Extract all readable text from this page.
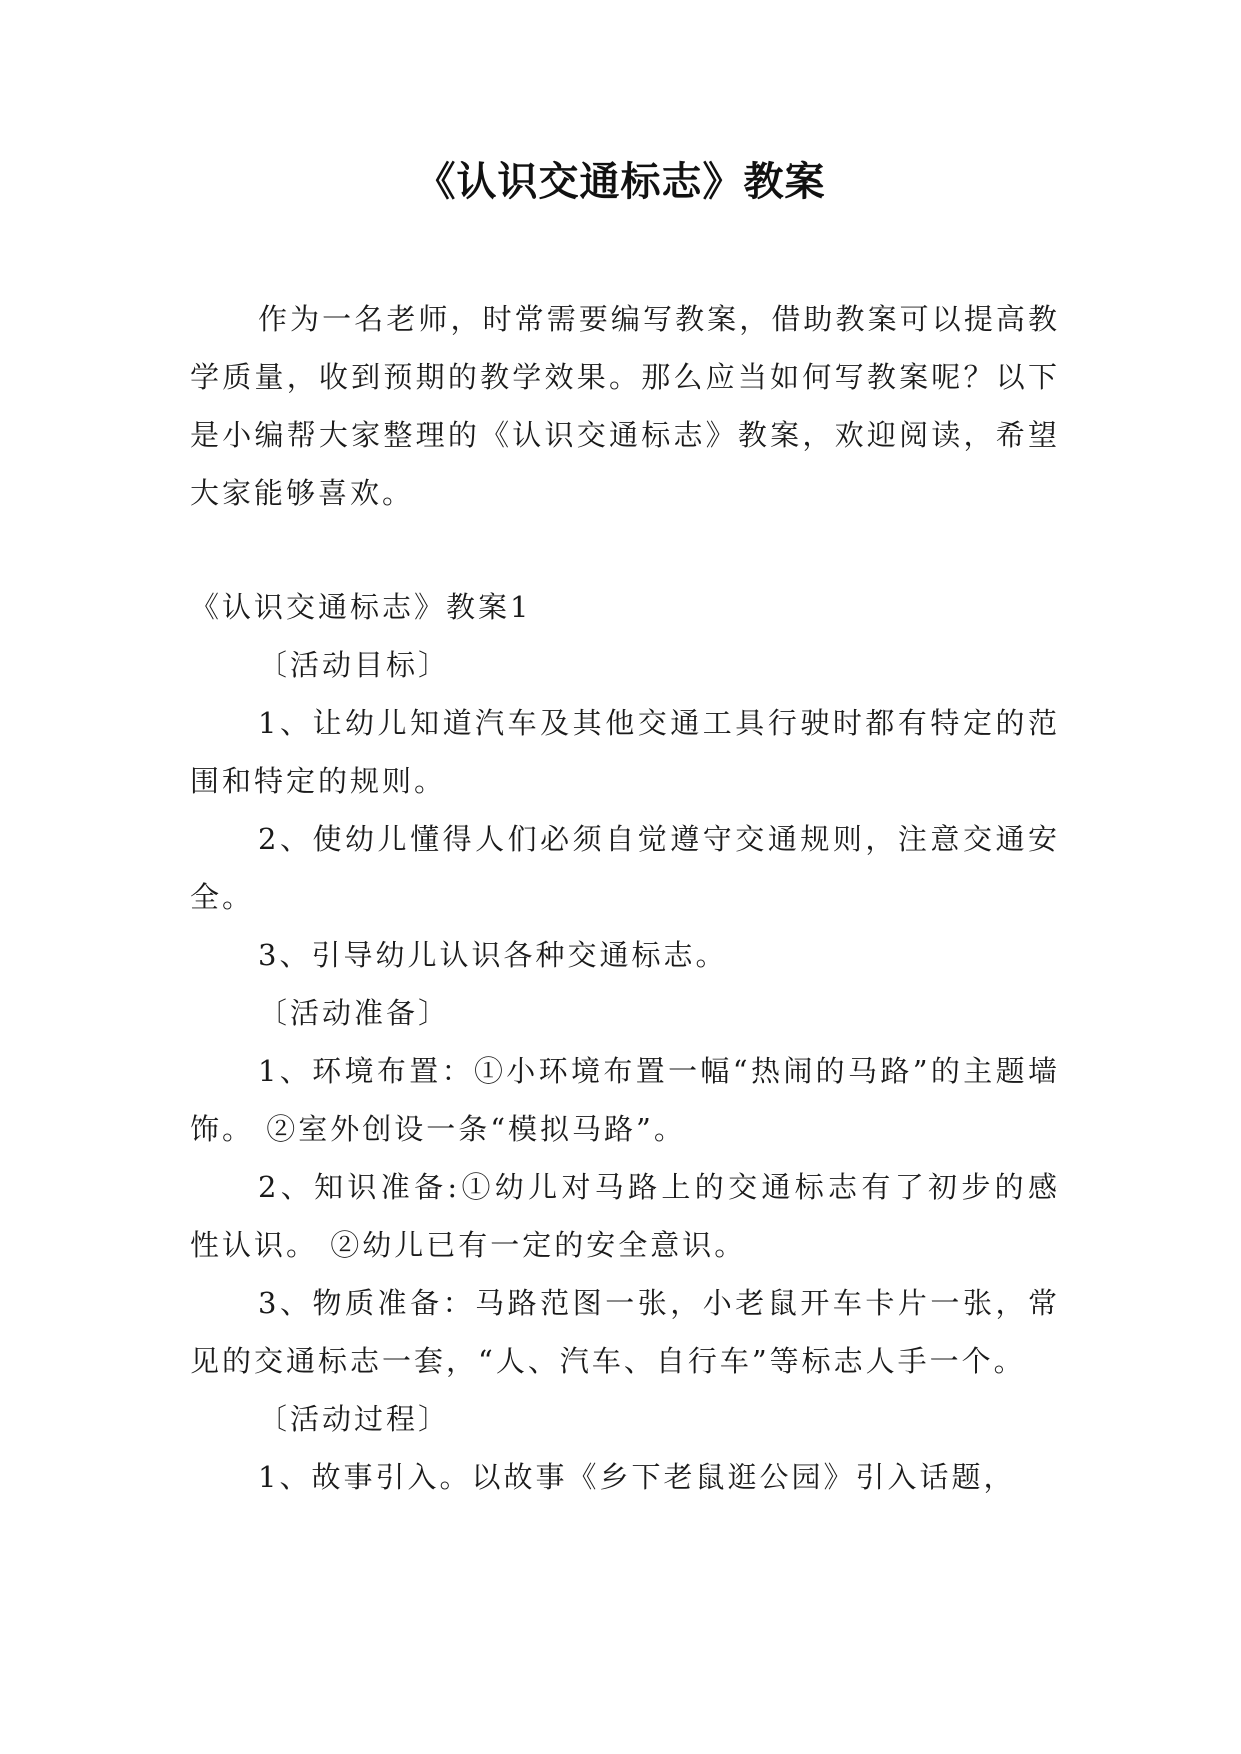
《认识交通标志》教案

作为一名老师，时常需要编写教案，借助教案可以提高教学质量，收到预期的教学效果。那么应当如何写教案呢？以下是小编帮大家整理的《认识交通标志》教案，欢迎阅读，希望大家能够喜欢。

《认识交通标志》教案1

〔活动目标〕

1、让幼儿知道汽车及其他交通工具行驶时都有特定的范围和特定的规则。

2、使幼儿懂得人们必须自觉遵守交通规则，注意交通安全。

3、引导幼儿认识各种交通标志。

〔活动准备〕

1、环境布置：①小环境布置一幅“热闹的马路”的主题墙饰。 ②室外创设一条“模拟马路”。

2、知识准备:①幼儿对马路上的交通标志有了初步的感性认识。 ②幼儿已有一定的安全意识。

3、物质准备：马路范图一张，小老鼠开车卡片一张，常见的交通标志一套，“人、汽车、自行车”等标志人手一个。

〔活动过程〕

1、故事引入。以故事《乡下老鼠逛公园》引入话题，
